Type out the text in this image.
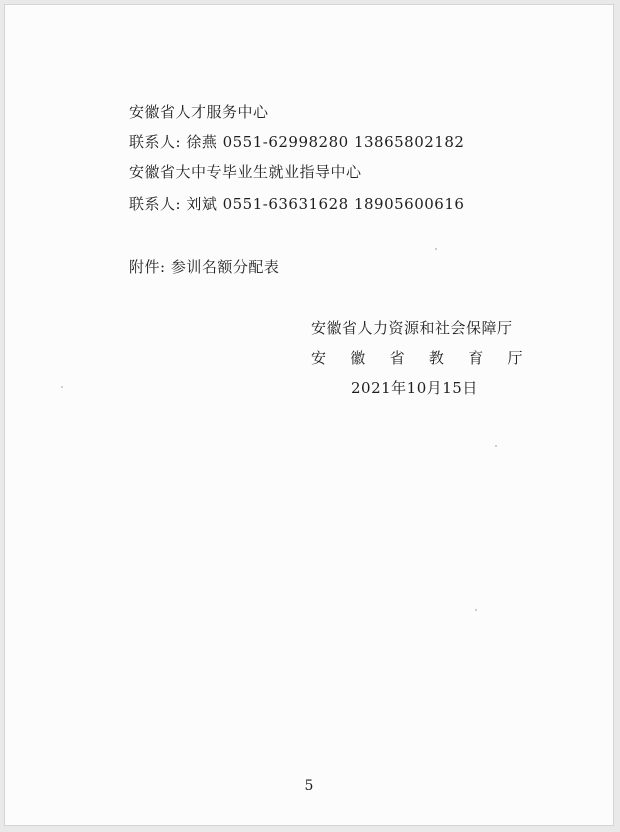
安徽省人才服务中心
联系人: 徐燕 0551-62998280 13865802182
安徽省大中专毕业生就业指导中心
联系人: 刘斌 0551-63631628 18905600616
附件: 参训名额分配表
安徽省人力资源和社会保障厅
安 徽 省 教 育 厅
2021年10月15日
5
